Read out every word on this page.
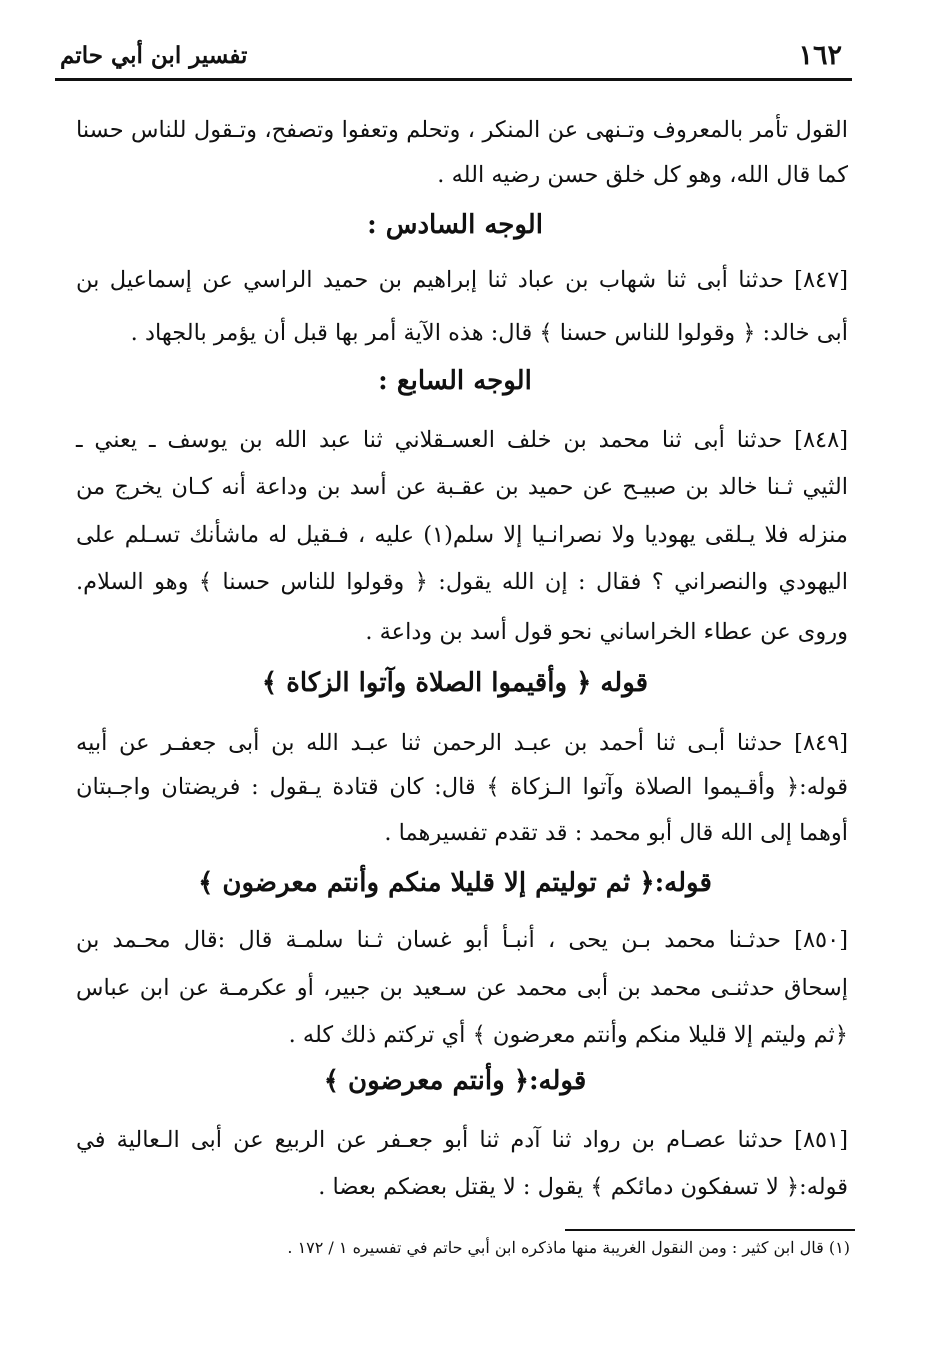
١٦٢
تفسير ابن أبي حاتم
القول تأمر بالمعروف وتـنهى عن المنكر ، وتحلم وتعفوا وتصفح، وتـقول للناس حسنا
كما قال الله، وهو كل خلق حسن رضيه الله .
الوجه السادس :
[٨٤٧] حدثنا أبى ثنا شهاب بن عباد ثنا إبراهيم بن حميد الراسي عن إسماعيل بن
أبى خالد: ﴿ وقولوا للناس حسنا ﴾ قال: هذه الآية أمر بها قبل أن يؤمر بالجهاد .
الوجه السابع :
[٨٤٨] حدثنا أبى ثنا محمد بن خلف العسـقلاني ثنا عبد الله بن يوسف ـ يعني ـ
الثيي ثـنا خالد بن صبيـح عن حميد بن عقـبة عن أسد بن وداعة أنه كـان يخرج من
منزله فلا يـلقى يهوديا ولا نصرانـيا إلا سلم(١) عليه ، فـقيل له ماشأنك تسـلم على
اليهودي والنصراني ؟ فقال : إن الله يقول: ﴿ وقولوا للناس حسنا ﴾ وهو السلام.
وروى عن عطاء الخراساني نحو قول أسد بن وداعة .
قوله ﴿ وأقيموا الصلاة وآتوا الزكاة ﴾
[٨٤٩] حدثنا أبـى ثنا أحمد بن عبـد الرحمن ثنا عبـد الله بن أبى جعفـر عن أبيه
قوله:﴿ وأقـيموا الصلاة وآتوا الـزكاة ﴾ قال: كان قتادة يـقول : فريضتان واجـبتان
أوهما إلى الله قال أبو محمد : قد تقدم تفسيرهما .
قوله:﴿ ثم توليتم إلا قليلا منكم وأنتم معرضون ﴾
[٨٥٠] حدثـنا محمد بـن يحى ، أنبـأ أبو غسان ثـنا سلمـة قال :قال محـمد بن
إسحاق حدثنـى محمد بن أبى محمد عن سـعيد بن جبير، أو عكرمـة عن ابن عباس
﴿ثم وليتم إلا قليلا منكم وأنتم معرضون ﴾ أي تركتم ذلك كله .
قوله:﴿ وأنتم معرضون ﴾
[٨٥١] حدثنا عصـام بن رواد ثنا آدم ثنا أبو جعـفر عن الربيع عن أبى الـعالية في
قوله:﴿ لا تسفكون دمائكم ﴾ يقول : لا يقتل بعضكم بعضا .
(١) قال ابن كثير : ومن النقول الغريبة منها ماذكره ابن أبي حاتم في تفسيره ١ / ١٧٢ .
